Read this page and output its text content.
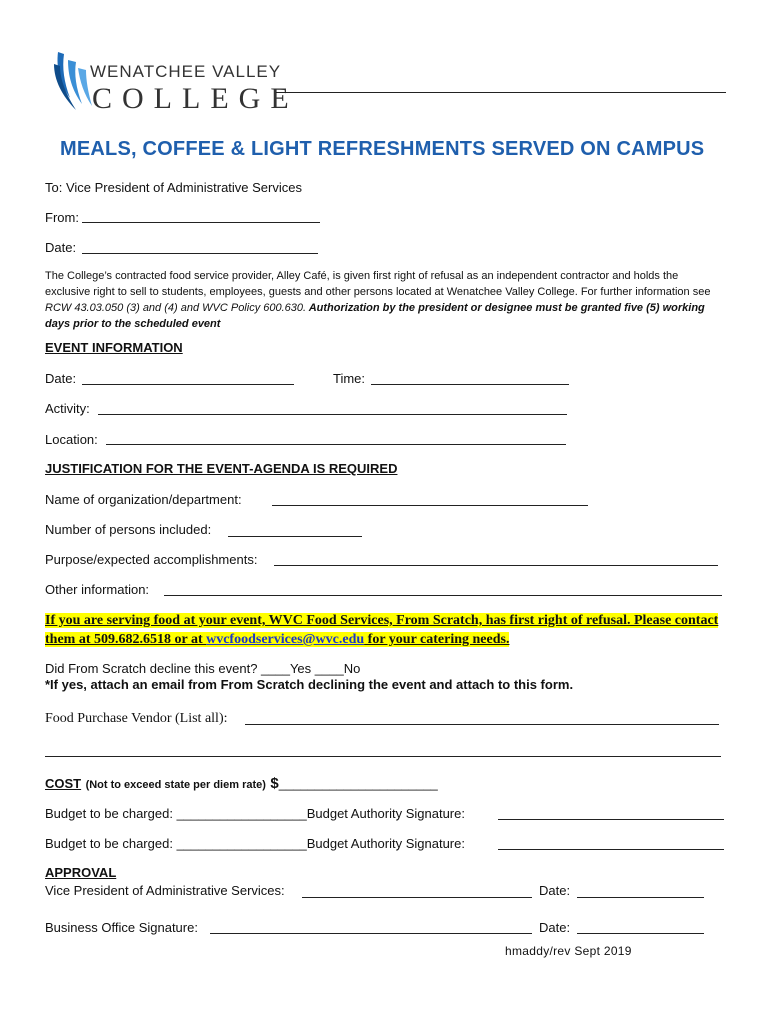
WENATCHEE VALLEY
COLLEGE
MEALS, COFFEE & LIGHT REFRESHMENTS SERVED ON CAMPUS
To: Vice President of Administrative Services
From:
Date:
The College’s contracted food service provider, Alley Café, is given first right of refusal as an independent contractor and holds the exclusive right to sell to students, employees, guests and other persons located at Wenatchee Valley College. For further information see RCW 43.03.050 (3) and (4) and WVC Policy 600.630. Authorization by the president or designee must be granted five (5) working days prior to the scheduled event
EVENT INFORMATION
Date:	Time:
Activity:
Location:
JUSTIFICATION FOR THE EVENT-AGENDA IS REQUIRED
Name of organization/department:
Number of persons included:
Purpose/expected accomplishments:
Other information:
If you are serving food at your event, WVC Food Services, From Scratch, has first right of refusal. Please contact them at 509.682.6518 or at wvcfoodservices@wvc.edu for your catering needs.
Did From Scratch decline this event? ____Yes ____No
*If yes, attach an email from From Scratch declining the event and attach to this form.
Food Purchase Vendor (List all):
COST (Not to exceed state per diem rate) $______________________
Budget to be charged: __________________Budget Authority Signature:
Budget to be charged: __________________Budget Authority Signature:
APPROVAL
Vice President of Administrative Services:	Date:
Business Office Signature:	Date:
hmaddy/rev Sept 2019
